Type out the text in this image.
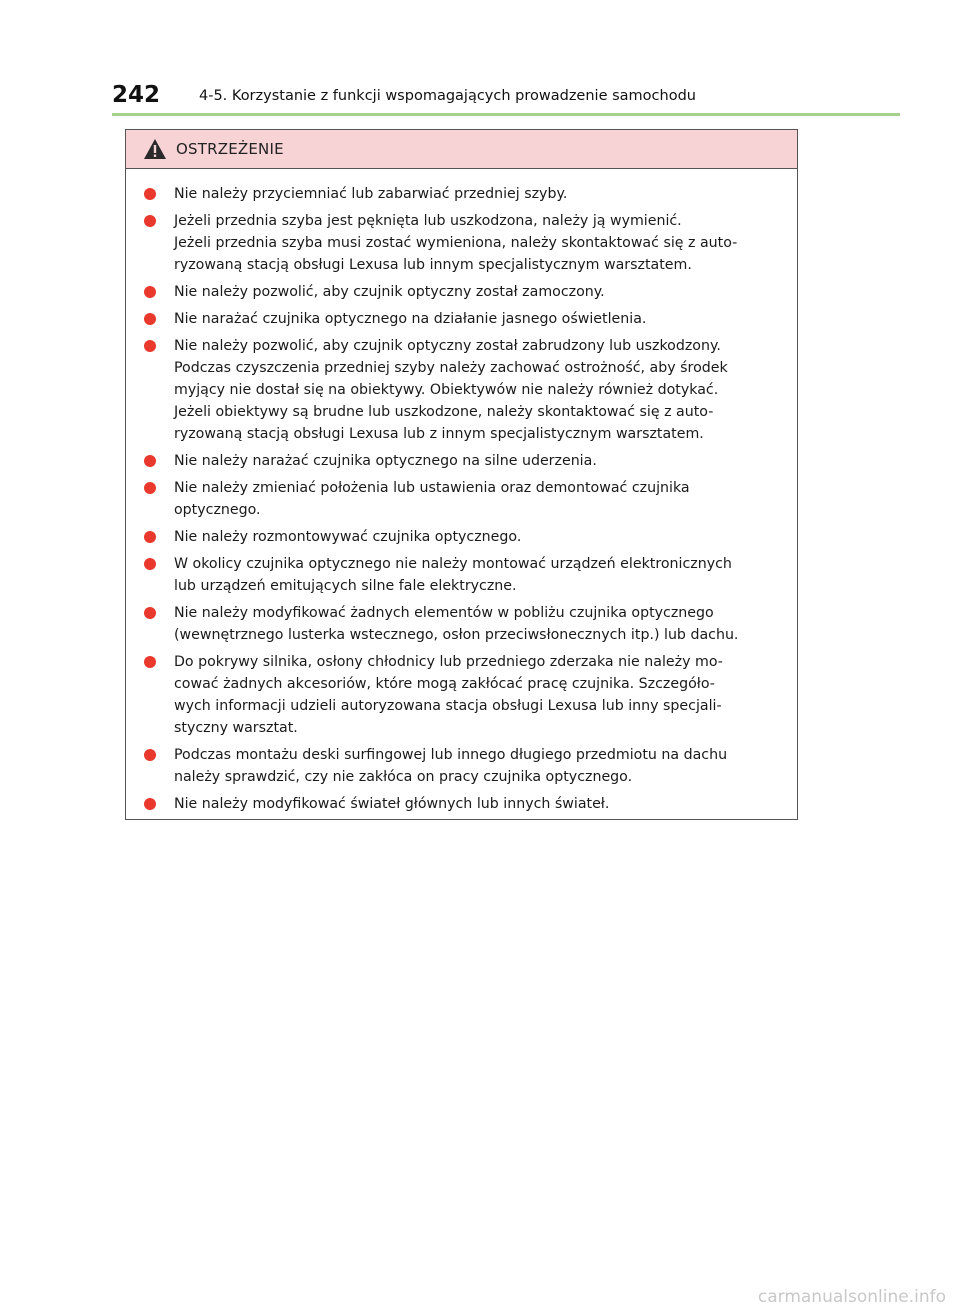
242	4-5. Korzystanie z funkcji wspomagających prowadzenie samochodu
OSTRZEŻENIE
Nie należy przyciemniać lub zabarwiać przedniej szyby.
Jeżeli przednia szyba jest pęknięta lub uszkodzona, należy ją wymienić.
Jeżeli przednia szyba musi zostać wymieniona, należy skontaktować się z auto-
ryzowaną stacją obsługi Lexusa lub innym specjalistycznym warsztatem.
Nie należy pozwolić, aby czujnik optyczny został zamoczony.
Nie narażać czujnika optycznego na działanie jasnego oświetlenia.
Nie należy pozwolić, aby czujnik optyczny został zabrudzony lub uszkodzony.
Podczas czyszczenia przedniej szyby należy zachować ostrożność, aby środek
myjący nie dostał się na obiektywy. Obiektywów nie należy również dotykać.
Jeżeli obiektywy są brudne lub uszkodzone, należy skontaktować się z auto-
ryzowaną stacją obsługi Lexusa lub z innym specjalistycznym warsztatem.
Nie należy narażać czujnika optycznego na silne uderzenia.
Nie należy zmieniać położenia lub ustawienia oraz demontować czujnika
optycznego.
Nie należy rozmontowywać czujnika optycznego.
W okolicy czujnika optycznego nie należy montować urządzeń elektronicznych
lub urządzeń emitujących silne fale elektryczne.
Nie należy modyfikować żadnych elementów w pobliżu czujnika optycznego
(wewnętrznego lusterka wstecznego, osłon przeciwsłonecznych itp.) lub dachu.
Do pokrywy silnika, osłony chłodnicy lub przedniego zderzaka nie należy mo-
cować żadnych akcesoriów, które mogą zakłócać pracę czujnika. Szczegóło-
wych informacji udzieli autoryzowana stacja obsługi Lexusa lub inny specjali-
styczny warsztat.
Podczas montażu deski surfingowej lub innego długiego przedmiotu na dachu
należy sprawdzić, czy nie zakłóca on pracy czujnika optycznego.
Nie należy modyfikować świateł głównych lub innych świateł.
carmanualsonline.info
